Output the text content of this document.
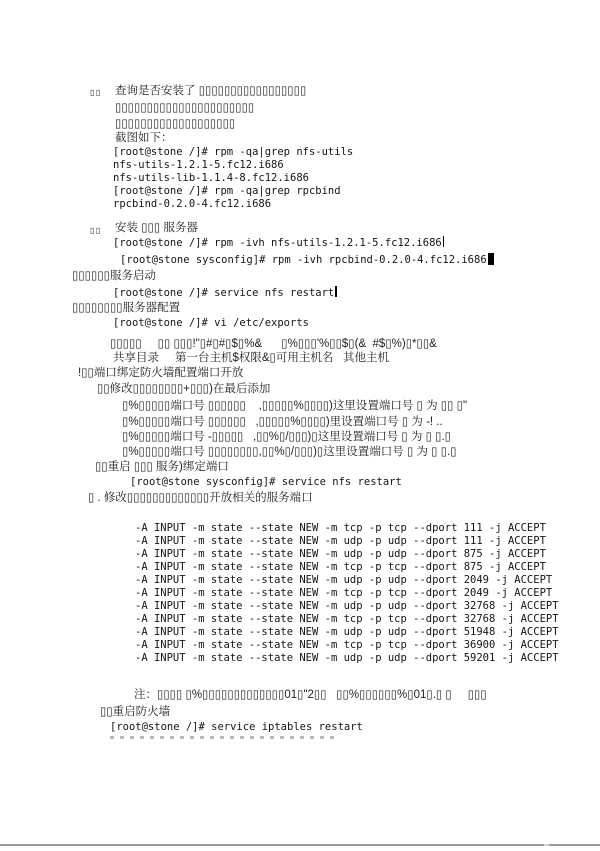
▯▯ 查询是否安装了 ▯▯▯▯▯▯▯▯▯▯▯▯▯▯▯▯▯
▯▯▯▯▯▯▯▯▯▯▯▯▯▯▯▯▯▯▯▯▯▯
▯▯▯▯▯▯▯▯▯▯▯▯▯▯▯▯▯▯▯
截图如下：
[root@stone /]# rpm -qa|grep nfs-utils
nfs-utils-1.2.1-5.fc12.i686
nfs-utils-lib-1.1.4-8.fc12.i686
[root@stone /]# rpm -qa|grep rpcbind
rpcbind-0.2.0-4.fc12.i686
▯▯ 安装 ▯▯▯ 服务器
[root@stone /]# rpm -ivh nfs-utils-1.2.1-5.fc12.i686
[root@stone sysconfig]# rpm -ivh rpcbind-0.2.0-4.fc12.i686
▯▯▯▯▯▯服务启动
[root@stone /]# service nfs restart
▯▯▯▯▯▯▯▯服务器配置
[root@stone /]# vi /etc/exports
▯▯▯▯▯     ▯▯ ▯▯▯!"▯#▯#▯$▯%&      ▯%▯▯▯'%▯▯$▯(&  #$▯%)▯*▯▯&
共享目录     第一台主机$权限&▯可用主机名   其他主机
!▯▯端口绑定防火墙配置端口开放
▯▯修改▯▯▯▯▯▯▯▯+▯▯▯)在最后添加
▯%▯▯▯▯▯端口号 ▯▯▯▯▯▯    ,▯▯▯▯▯%▯▯▯▯)这里设置端口号 ▯ 为 ▯▯ ▯"
▯%▯▯▯▯▯端口号 ▯▯▯▯▯▯   ,▯▯▯▯▯%▯▯▯▯)里设置端口号 ▯ 为 -! ..
▯%▯▯▯▯▯端口号 -▯▯▯▯▯   ,▯▯%▯/▯▯▯)▯这里设置端口号 ▯ 为 ▯ ▯.▯
▯%▯▯▯▯▯端口号 ▯▯▯▯▯▯▯▯,▯▯%▯/▯▯▯)▯这里设置端口号 ▯ 为 ▯ ▯.▯
▯▯重启 ▯▯▯ 服务)绑定端口
[root@stone sysconfig]# service nfs restart
▯ . 修改▯▯▯▯▯▯▯▯▯▯▯▯▯开放相关的服务端口
-A INPUT -m state --state NEW -m tcp -p tcp --dport 111 -j ACCEPT
-A INPUT -m state --state NEW -m udp -p udp --dport 111 -j ACCEPT
-A INPUT -m state --state NEW -m udp -p udp --dport 875 -j ACCEPT
-A INPUT -m state --state NEW -m tcp -p tcp --dport 875 -j ACCEPT
-A INPUT -m state --state NEW -m udp -p udp --dport 2049 -j ACCEPT
-A INPUT -m state --state NEW -m tcp -p tcp --dport 2049 -j ACCEPT
-A INPUT -m state --state NEW -m udp -p udp --dport 32768 -j ACCEPT
-A INPUT -m state --state NEW -m tcp -p tcp --dport 32768 -j ACCEPT
-A INPUT -m state --state NEW -m udp -p udp --dport 51948 -j ACCEPT
-A INPUT -m state --state NEW -m tcp -p tcp --dport 36900 -j ACCEPT
-A INPUT -m state --state NEW -m udp -p udp --dport 59201 -j ACCEPT
注：▯▯▯▯ ▯%▯▯▯▯▯▯▯▯▯▯▯▯▯01▯"2▯▯   ▯▯%▯▯▯▯▯▯%▯01▯.▯ ▯     ▯▯▯
▯▯重启防火墙
[root@stone /]# service iptables restart
